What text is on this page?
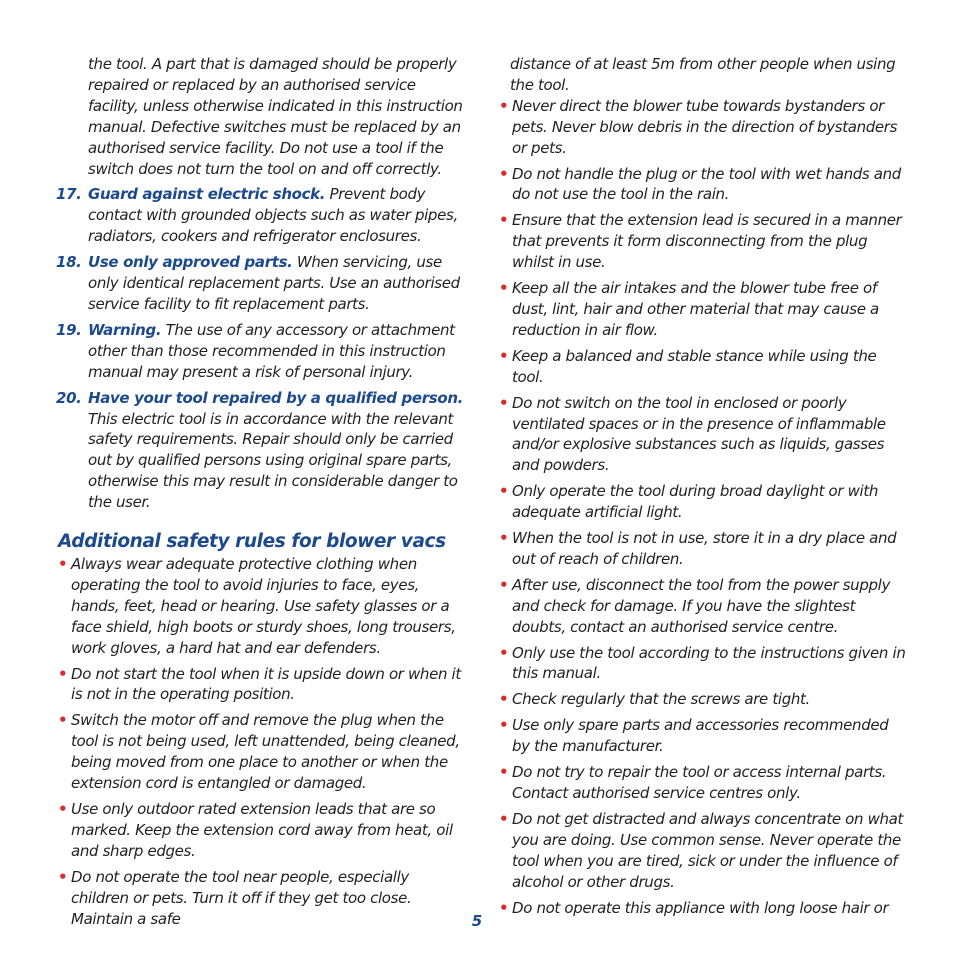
the tool. A part that is damaged should be properly repaired or replaced by an authorised service facility, unless otherwise indicated in this instruction manual. Defective switches must be replaced by an authorised service facility. Do not use a tool if the switch does not turn the tool on and off correctly.

17. Guard against electric shock. Prevent body contact with grounded objects such as water pipes, radiators, cookers and refrigerator enclosures.
18. Use only approved parts. When servicing, use only identical replacement parts. Use an authorised service facility to fit replacement parts.
19. Warning. The use of any accessory or attachment other than those recommended in this instruction manual may present a risk of personal injury.
20. Have your tool repaired by a qualified person. This electric tool is in accordance with the relevant safety requirements. Repair should only be carried out by qualified persons using original spare parts, otherwise this may result in considerable danger to the user.
Additional safety rules for blower vacs
• Always wear adequate protective clothing when operating the tool to avoid injuries to face, eyes, hands, feet, head or hearing. Use safety glasses or a face shield, high boots or sturdy shoes, long trousers, work gloves, a hard hat and ear defenders.
• Do not start the tool when it is upside down or when it is not in the operating position.
• Switch the motor off and remove the plug when the tool is not being used, left unattended, being cleaned, being moved from one place to another or when the extension cord is entangled or damaged.
• Use only outdoor rated extension leads that are so marked. Keep the extension cord away from heat, oil and sharp edges.
• Do not operate the tool near people, especially children or pets. Turn it off if they get too close. Maintain a safe

distance of at least 5m from other people when using the tool.

• Never direct the blower tube towards bystanders or pets. Never blow debris in the direction of bystanders or pets.
• Do not handle the plug or the tool with wet hands and do not use the tool in the rain.
• Ensure that the extension lead is secured in a manner that prevents it form disconnecting from the plug whilst in use.
• Keep all the air intakes and the blower tube free of dust, lint, hair and other material that may cause a reduction in air flow.
• Keep a balanced and stable stance while using the tool.
• Do not switch on the tool in enclosed or poorly ventilated spaces or in the presence of inflammable and/or explosive substances such as liquids, gasses and powders.
• Only operate the tool during broad daylight or with adequate artificial light.
• When the tool is not in use, store it in a dry place and out of reach of children.
• After use, disconnect the tool from the power supply and check for damage. If you have the slightest doubts, contact an authorised service centre.
• Only use the tool according to the instructions given in this manual.
• Check regularly that the screws are tight.
• Use only spare parts and accessories recommended by the manufacturer.
• Do not try to repair the tool or access internal parts. Contact authorised service centres only.
• Do not get distracted and always concentrate on what you are doing. Use common sense. Never operate the tool when you are tired, sick or under the influence of alcohol or other drugs.
• Do not operate this appliance with long loose hair or
5
